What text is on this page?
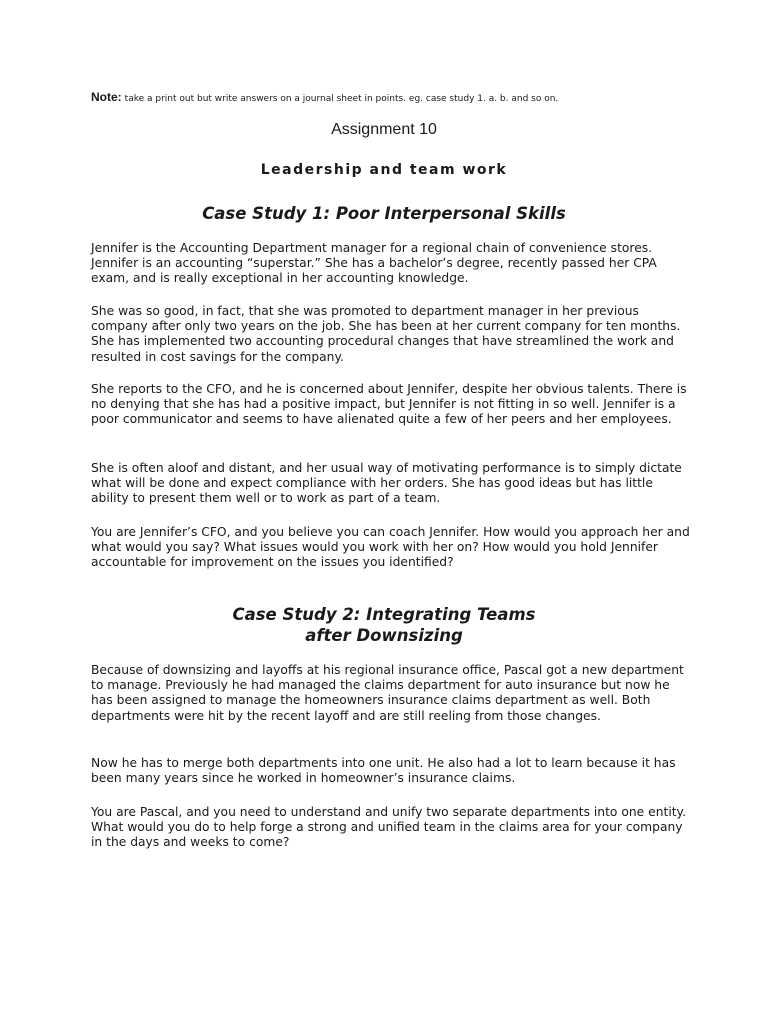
Note: take a print out but write answers on a journal sheet in points. eg. case study 1. a. b. and so on.
Assignment 10
Leadership and team work
Case Study 1: Poor Interpersonal Skills

Jennifer is the Accounting Department manager for a regional chain of convenience stores. Jennifer is an accounting “superstar.” She has a bachelor’s degree, recently passed her CPA exam, and is really exceptional in her accounting knowledge.

She was so good, in fact, that she was promoted to department manager in her previous company after only two years on the job. She has been at her current company for ten months. She has implemented two accounting procedural changes that have streamlined the work and resulted in cost savings for the company.

She reports to the CFO, and he is concerned about Jennifer, despite her obvious talents. There is no denying that she has had a positive impact, but Jennifer is not fitting in so well. Jennifer is a poor communicator and seems to have alienated quite a few of her peers and her employees.

She is often aloof and distant, and her usual way of motivating performance is to simply dictate what will be done and expect compliance with her orders. She has good ideas but has little ability to present them well or to work as part of a team.

You are Jennifer’s CFO, and you believe you can coach Jennifer. How would you approach her and what would you say? What issues would you work with her on? How would you hold Jennifer accountable for improvement on the issues you identified?

Case Study 2: Integrating Teams
after Downsizing

Because of downsizing and layoffs at his regional insurance office, Pascal got a new department to manage. Previously he had managed the claims department for auto insurance but now he has been assigned to manage the homeowners insurance claims department as well. Both departments were hit by the recent layoff and are still reeling from those changes.

Now he has to merge both departments into one unit. He also had a lot to learn because it has been many years since he worked in homeowner’s insurance claims.

You are Pascal, and you need to understand and unify two separate departments into one entity. What would you do to help forge a strong and unified team in the claims area for your company in the days and weeks to come?
